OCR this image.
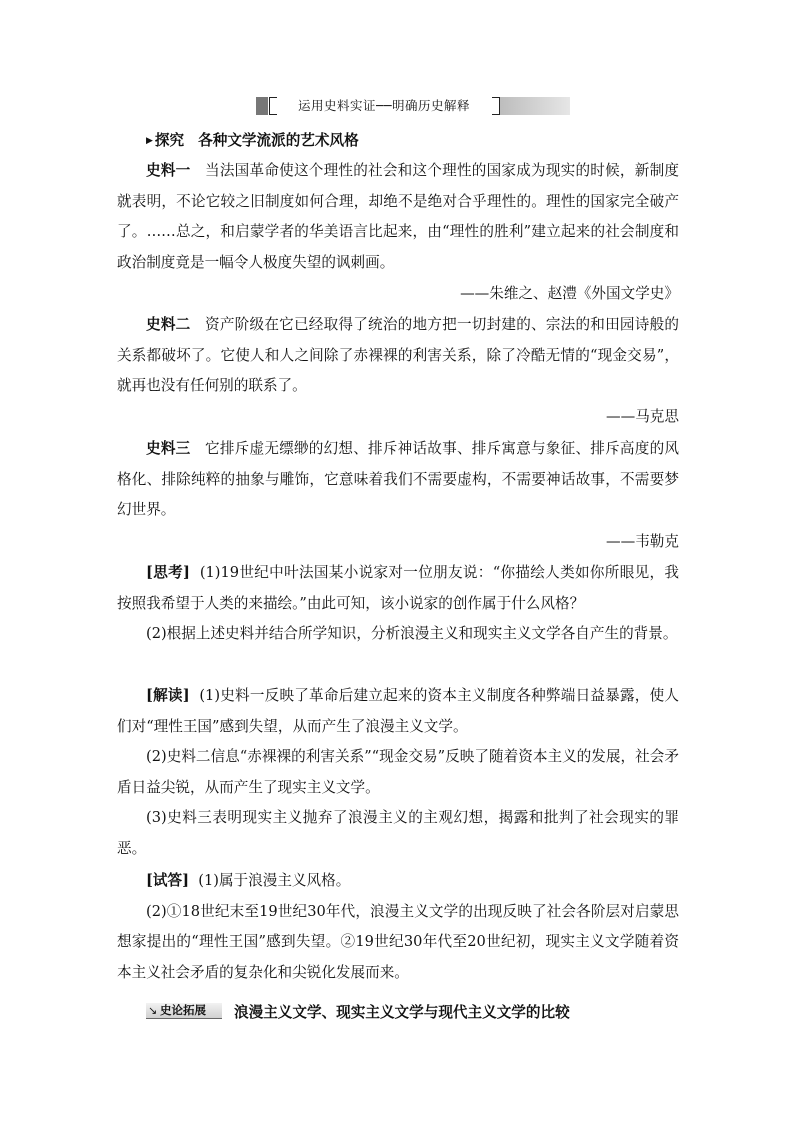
运用史料实证──明确历史解释
▶ 探究 各种文学流派的艺术风格

史料一 当法国革命使这个理性的社会和这个理性的国家成为现实的时候，新制度就表明，不论它较之旧制度如何合理，却绝不是绝对合乎理性的。理性的国家完全破产了。……总之，和启蒙学者的华美语言比起来，由“理性的胜利”建立起来的社会制度和政治制度竟是一幅令人极度失望的讽刺画。

——朱维之、赵澧《外国文学史》

史料二 资产阶级在它已经取得了统治的地方把一切封建的、宗法的和田园诗般的关系都破坏了。它使人和人之间除了赤裸裸的利害关系，除了冷酷无情的“现金交易”，就再也没有任何别的联系了。

——马克思

史料三 它排斥虚无缥缈的幻想、排斥神话故事、排斥寓意与象征、排斥高度的风格化、排除纯粹的抽象与雕饰，它意味着我们不需要虚构，不需要神话故事，不需要梦幻世界。

——韦勒克

[思考] (1)19世纪中叶法国某小说家对一位朋友说：“你描绘人类如你所眼见，我按照我希望于人类的来描绘。”由此可知，该小说家的创作属于什么风格？

(2)根据上述史料并结合所学知识，分析浪漫主义和现实主义文学各自产生的背景。

[解读] (1)史料一反映了革命后建立起来的资本主义制度各种弊端日益暴露，使人们对“理性王国”感到失望，从而产生了浪漫主义文学。

(2)史料二信息“赤裸裸的利害关系”“现金交易”反映了随着资本主义的发展，社会矛盾日益尖锐，从而产生了现实主义文学。

(3)史料三表明现实主义抛弃了浪漫主义的主观幻想，揭露和批判了社会现实的罪恶。

[试答] (1)属于浪漫主义风格。

(2)①18世纪末至19世纪30年代，浪漫主义文学的出现反映了社会各阶层对启蒙思想家提出的“理性王国”感到失望。②19世纪30年代至20世纪初，现实主义文学随着资本主义社会矛盾的复杂化和尖锐化发展而来。

↘ 史论拓展 浪漫主义文学、现实主义文学与现代主义文学的比较
